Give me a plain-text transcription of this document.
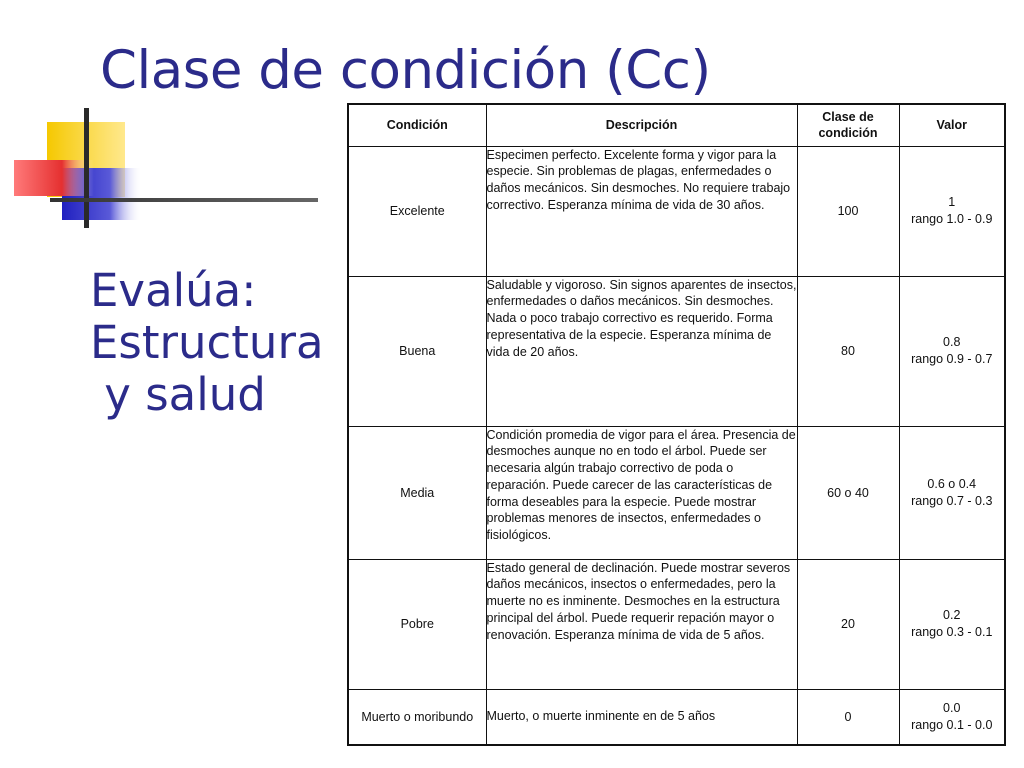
Clase de condición (Cc)
Evalúa:
Estructura
y salud
Condición	Descripción	Clase de condición	Valor
Excelente	Especimen perfecto. Excelente forma y vigor para la especie. Sin problemas de plagas, enfermedades o daños mecánicos. Sin desmoches. No requiere trabajo correctivo. Esperanza mínima de vida de 30 años.	100	1
rango 1.0 - 0.9

Buena	Saludable y vigoroso. Sin signos aparentes de insectos, enfermedades o daños mecánicos. Sin desmoches. Nada o poco trabajo correctivo es requerido. Forma representativa de la especie. Esperanza mínima de vida de 20 años.	80	0.8
rango 0.9 - 0.7

Media	Condición promedia de vigor para el área. Presencia de desmoches aunque no en todo el árbol. Puede ser necesaria algún trabajo correctivo de poda o reparación. Puede carecer de las características de forma deseables para la especie. Puede mostrar problemas menores de insectos, enfermedades o fisiológicos.	60 o 40	0.6 o 0.4
rango 0.7 - 0.3

Pobre	Estado general de declinación. Puede mostrar severos daños mecánicos, insectos o enfermedades, pero la muerte no es inminente. Desmoches en la estructura principal del árbol. Puede requerir repación mayor o renovación. Esperanza mínima de vida de 5 años.	20	0.2
rango 0.3 - 0.1

Muerto o moribundo	Muerto, o muerte inminente en de 5 años	0	0.0
rango 0.1 - 0.0
